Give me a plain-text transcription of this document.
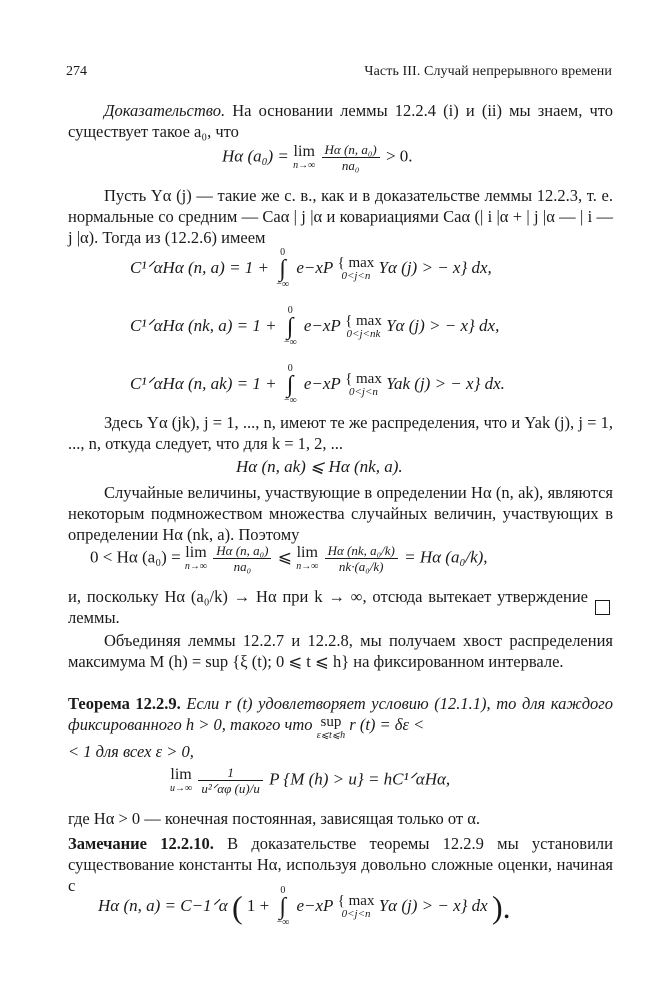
274	Часть III. Случай непрерывного времени
Доказательство. На основании леммы 12.2.4 (i) и (ii) мы знаем, что существует такое a₀, что
Hα (a₀) = lim
n→∞
$\frac{\text{Hα (n, a₀)}}{\text{na₀}} > 0$.
Пусть Yα (j) — такие же с. в., как и в доказательстве леммы 12.2.3, т. е. нормальные со средним — Caα | j |α и ковариациями Caα (| i |α + | j |α — | i — j |α). Тогда из (12.2.6) имеем
C¹ᐟαHα (n, a) = 1 +
0
∫
−∞
e−xP { max
0<j<n Yα (j) > − x} dx,
C¹ᐟαHα (nk, a) = 1 +
0
∫
−∞
e−xP { max
0<j<nk Yα (j) > − x} dx,
C¹ᐟαHα (n, ak) = 1 +
0
∫
−∞
e−xP { max
0<j<n Yak (j) > − x} dx.
Здесь Yα (jk), j = 1, ..., n, имеют те же распределения, что и Yak (j), j = 1, ..., n, откуда следует, что для k = 1, 2, ...
Hα (n, ak) ⩽ Hα (nk, a).
Случайные величины, участвующие в определении Hα (n, ak), являются некоторым подмножеством множества случайных величин, участвующих в определении Hα (nk, a). Поэтому
0 < Hα (a₀) = lim
n→∞
$\frac{\text{Hα (n, a₀)}}{\text{na₀}}$ ⩽ lim
n→∞
$\frac{\text{Hα (nk, a₀/k)}}{\text{nk·(a₀/k)}} = H\alpha$ (a₀/k),
и, поскольку Hα (a₀/k) → Hα при k → ∞, отсюда вытекает утверждение леммы.
Объединяя леммы 12.2.7 и 12.2.8, мы получаем хвост распределения максимума M (h) = sup {ξ (t); 0 ⩽ t ⩽ h} на фиксированном интервале.
Теорема 12.2.9. Если r (t) удовлетворяет условию (12.1.1), то для каждого фиксированного h > 0, такого что sup
ε⩽t⩽h
r (t) = δε <
< 1 для всех ε > 0,
lim
u→∞
$\frac{1}{\text{u²ᐟαφ (u)/u}}$ P {M (h) > u} = hC¹ᐟαHα,
где Hα > 0 — конечная постоянная, зависящая только от α.
Замечание 12.2.10. В доказательстве теоремы 12.2.9 мы установили существование константы Hα, используя довольно сложные оценки, начиная с
Hα (n, a) = C−1ᐟα ( 1 +
0
∫
−∞
e−xP { max
0<j<n Yα (j) > − x} dx ).
